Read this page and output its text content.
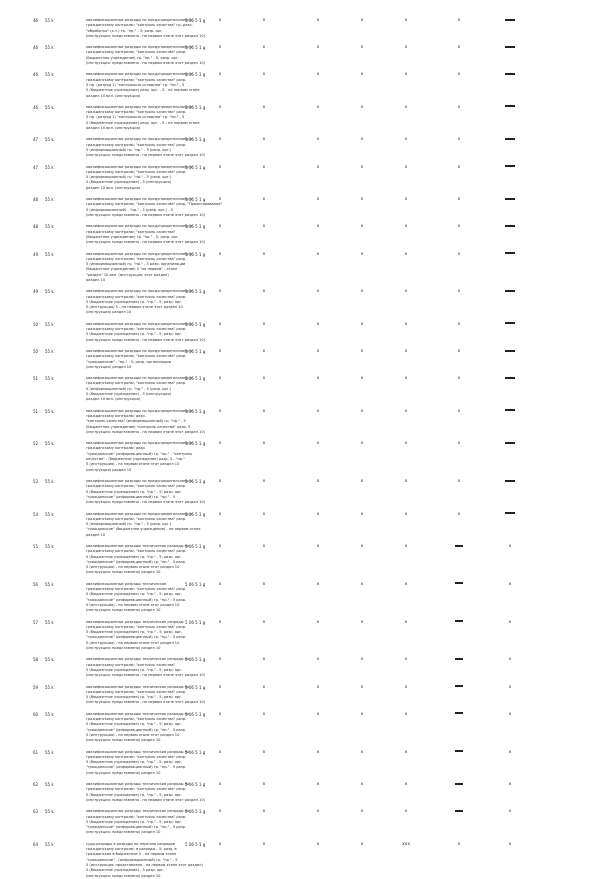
46 55 k	квалификационные разряды по предупредительному и
гражданскому контролю; "контроль качества" гр.-разр.
"обработка" (к.т.) гр. "нр." - 5; разр. орг.
(инструкция: представлено - на первом этапе этот раздел 10)
5 06 5 1 g	x	x	x	x	x	x
46 55 k	квалификационные разряды по предупредительному и
гражданскому контролю; "контроль качества" разр.
(бюджетное учреждение) гр. "нр." - 5; разр. орг.
(инструкция: представлено - на первом этапе этот раздел 10)
5 06 5 1 g	x	x	x	x	x	x
46 55 k	квалификационные разряды по предупредительному и
гражданскому контролю; "контроль качества" разр.
5 нр. (разряд 1) "контрольно-складная" гр. "нр." - 5
5 (бюджетное учреждение) разр. орг. - 5 - на первом этапе
раздел 10 вкл. (инструкция)
5 06 5 1 g	x	x	x	x	x	x
46 55 k	квалификационные разряды по предупредительному и
гражданскому контролю; "контроль качества" разр.
5 нр. (разряд 1) "контрольно-складная" гр. "нр." - 5
5 (бюджетное учреждение) разр. орг. - 5 - на первом этапе
раздел 10 вкл. (инструкция)
5 06 5 1 g	x	x	x	x	x	x
47 55 k	квалификационные разряды по предупредительному и
гражданскому контролю; "контроль качества" разр.
5 (информационный) гр. "нр." - 5 (разр. орг.)
(инструкция: представлено - на первом этапе этот раздел 10)
5 06 5 1 g	x	x	x	x	x	x
47 55 k	квалификационные разряды по предупредительному и
гражданскому контролю; "контроль качества" разр.
5 (информационный) гр. "нр." - 5 (разр. орг.)
5 (бюджетное учреждение) - 5 (инструкция)
раздел 10 вкл. (инструкция)
5 06 5 1 g	x	x	x	x	x	x
48 55 k	квалификационные разряды по предупредительному и
гражданскому контролю; "контроль качества" разр. "Проектирование"
5 (информационный) - "нр." - 5 (разр. орг.) - 5
(инструкция: представлено - на первом этапе этот раздел 10)
5 06 5 1 g	x	x	x	x	x	x
48 55 k	квалификационные разряды по предупредительному и
гражданскому контролю; "контроль качества"
(бюджетное учреждение) гр. "нр." - 5; разр. орг.
(инструкция: представлено - на первом этапе этот раздел 10)
5 06 5 1 g	x	x	x	x	x	x
49 55 k	квалификационные разряды по предупредительному и
гражданскому контролю; "контроль качества" разр.
5 (информационный) гр. "нр." - 5 разр. организации
(бюджетное учреждение) 5 "на первом" - этапе
"раздел" 10 вкл. (инструкция: этот раздел)
раздел 10
5 06 5 1 g	x	x	x	x	x	x
49 55 k	квалификационные разряды по предупредительному и
гражданскому контролю; "контроль качества" разр.
5 (бюджетное учреждение) гр. "нр." - 5; разр. орг.
5 (инструкция) 5 - на первом этапе этот раздел 10
(инструкция) раздел 10
5 06 5 1 g	x	x	x	x	x	x
50 55 k	квалификационные разряды по предупредительному и
гражданскому контролю; "контроль качества" разр.
5 (бюджетное учреждение) гр. "нр." - 5; разр. орг.
(инструкция: представлено - на первом этапе этот раздел 10)
5 06 5 1 g	x	x	x	x	x	x
50 55 k	квалификационные разряды по предупредительному и
гражданскому контролю; "контроль качества" разр.
"гражданские" - "нр." - 5; разр. организации
(инструкция) раздел 10
5 06 5 1 g	x	x	x	x	x	x
51 55 k	квалификационные разряды по предупредительному и
гражданскому контролю; "контроль качества" разр.
5 (информационный) гр. "нр." - 5 (разр. орг.)
5 (бюджетное учреждение) - 5 (инструкция)
раздел 10 вкл. (инструкция)
5 06 5 1 g	x	x	x	x	x	x
51 55 k	квалификационные разряды по предупредительному и
гражданскому контролю; разр.
"контроль качества" (информационный) гр. "нр." - 5
(бюджетное учреждение) "контроль качества" разр. 5
(инструкция: представлено - на первом этапе этот раздел 10)
5 06 5 1 g	x	x	x	x	x	x
52 55 k	квалификационные разряды по предупредительному и
гражданскому контролю; разр.
"гражданские" (информационный) гр. "нр." - "контроль
качества" - (бюджетное учреждение) разр. 5 - "нр."
5 (инструкция) - на первом этапе этот раздел 10
(инструкция) раздел 10
5 06 5 1 g	x	x	x	x	x	x
53 55 k	квалификационные разряды по предупредительному и
гражданскому контролю; "контроль качества" разр.
5 (бюджетное учреждение) гр. "нр." - 5; разр. орг.
"гражданские" (информационный) гр. "нр." - 5
(инструкция: представлено - на первом этапе этот раздел 10)
5 06 5 1 g	x	x	x	x	x	x
54 55 k	квалификационные разряды по предупредительному и
гражданскому контролю; "контроль качества" разр.
5 (информационный) гр. "нр." - 5 (разр. орг.)
"гражданские" (бюджетное учреждение) - на первом этапе
раздел 10
5 06 5 1 g	x	x	x	x	x	x
55 55 k	квалификационные разряды технические разряды по
гражданскому контролю; "контроль качества" разр.
5 (бюджетное учреждение) гр. "нр." - 5; разр. орг.
"гражданские" (информационный) гр. "нр." - 5 разр.
5 (инструкция) - на первом этапе этот раздел 10
(инструкция: представлено) раздел 10
5 06 5 1 g	x	x	x	x	x	x
56 55 k	квалификационные разряды технические
гражданскому контролю; "контроль качества" разр.
5 (бюджетное учреждение) гр. "нр." - 5; разр. орг.
"гражданские" (информационный) гр. "нр." - 5 разр.
5 (инструкция) - на первом этапе этот раздел 10
(инструкция: представлено) раздел 10
5 06 5 1 g	x	x	x	x	x	x
57 55 k	квалификационные разряды технические разряды
гражданскому контролю; "контроль качества" разр.
5 (бюджетное учреждение) гр. "нр." - 5; разр. орг.
"гражданские" (информационный) гр. "нр." - 5 разр.
5 (инструкция) - на первом этапе этот раздел 10
(инструкция: представлено) раздел 10
5 06 5 1 g	x	x	x	x	x	x
58 55 k	квалификационные разряды технические разряды по
гражданскому контролю; "контроль качества"
5 (бюджетное учреждение) гр. "нр." - 5; разр. орг.
(инструкция: представлено - на первом этапе этот раздел 10)
5 06 5 1 g	x	x	x	x	x	x
59 55 k	квалификационные разряды технические разряды по
гражданскому контролю; "контроль качества" разр.
5 (бюджетное учреждение) гр. "нр." - 5; разр. орг.
(инструкция: представлено - на первом этапе этот раздел 10)
5 06 5 1 g	x	x	x	x	x	x
60 55 k	квалификационные разряды технические разряды по
гражданскому контролю; "контроль качества" разр.
5 (бюджетное учреждение) гр. "нр." - 5; разр. орг.
"гражданские" (информационный) гр. "нр." - 5 разр.
5 (инструкция) - на первом этапе этот раздел 10
(инструкция: представлено) раздел 10
5 06 5 1 g	x	x	x	x	x	x
61 55 k	квалификационные разряды технические разряды по
гражданскому контролю; "контроль качества" разр.
5 (бюджетное учреждение) гр. "нр." - 5; разр. орг.
"гражданские" (информационный) гр. "нр." - 5 разр.
(инструкция: представлено) раздел 10
5 06 5 1 g	x	x	x	x	x	x
62 55 k	квалификационные разряды технические разряды по
гражданскому контролю; "контроль качества" разр.
5 (бюджетное учреждение) гр. "нр." - 5; разр. орг.
(инструкция: представлено - на первом этапе этот раздел 10)
5 06 5 1 g	x	x	x	x	x	x
63 55 k	квалификационные разряды технические разряды по
гражданскому контролю; "контроль качества" разр.
5 (бюджетное учреждение) гр. "нр." - 5; разр. орг.
"гражданские" (информационный) гр. "нр." - 5 разр.
(инструкция: представлено) раздел 10
5 06 5 1 g	x	x	x	x	x	x
64 55 k	судо-разряды в разряды по перечню разрядов
гражданскому контролю; в разряды - 5; разр. в
гражданские в бюджетное 5 - на первом этапе
"гражданские" - (информационный) гр. "нр." - 5
5 (инструкция: представлено - на первом этапе этот раздел)
5 (бюджетное учреждение) - 5 разр. орг.
(инструкция: представлено) раздел 10
5 06 5 1 g	x	x	x	x	xxx	x	x
